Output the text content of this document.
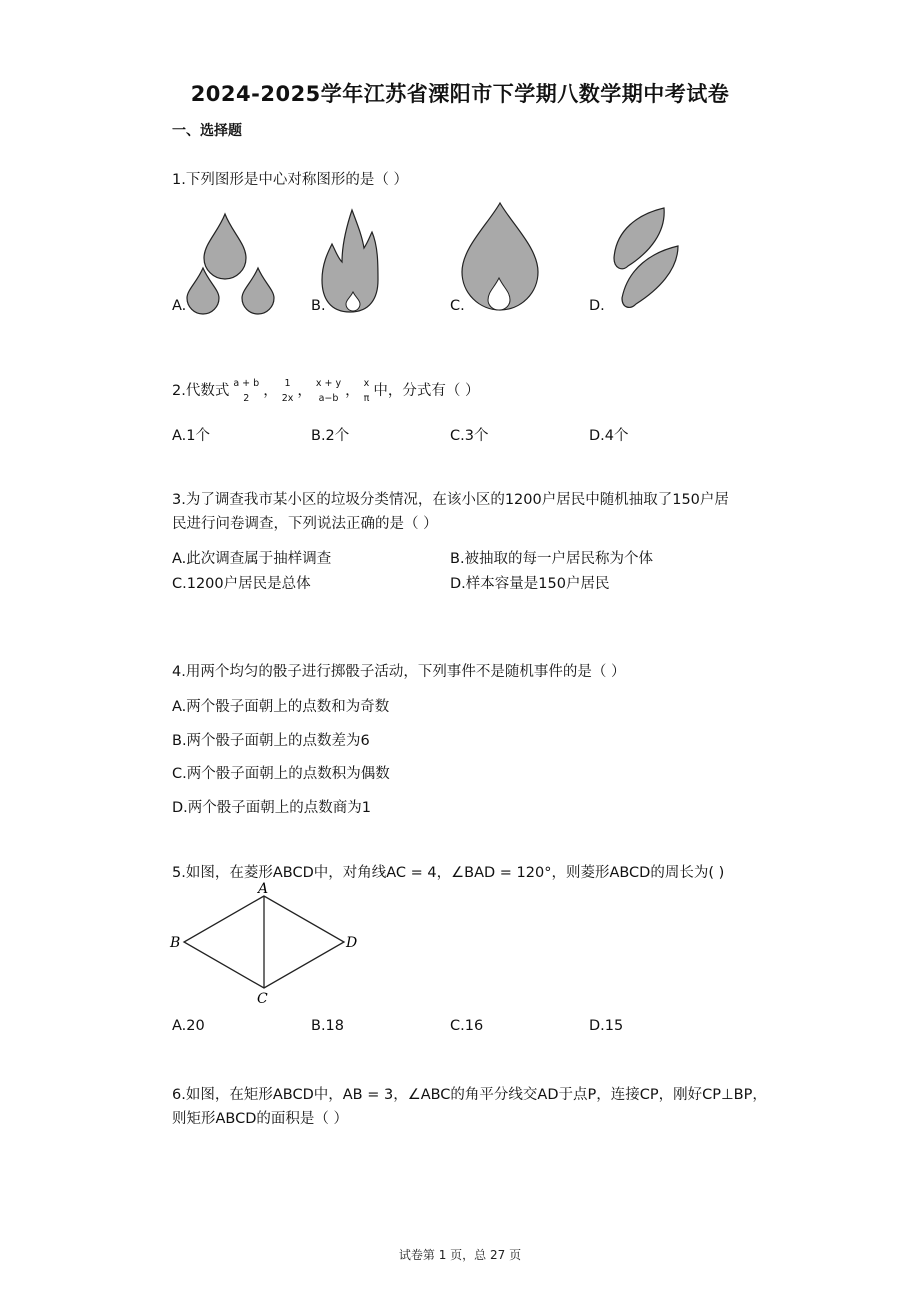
2024-2025学年江苏省溧阳市下学期八数学期中考试卷
一、选择题
1.下列图形是中心对称图形的是（ ）
A.	B.	C.	D.
2.代数式 a + b
2 ， 1
2x ， x + y
a−b ， x
π 中，分式有（ ）
A.1个	B.2个	C.3个	D.4个
3.为了调查我市某小区的垃圾分类情况，在该小区的1200户居民中随机抽取了150户居
民进行问卷调查，下列说法正确的是（ ）
A.此次调查属于抽样调查	B.被抽取的每一户居民称为个体
C.1200户居民是总体	D.样本容量是150户居民
4.用两个均匀的骰子进行掷骰子活动，下列事件不是随机事件的是（ ）
A.两个骰子面朝上的点数和为奇数
B.两个骰子面朝上的点数差为6
C.两个骰子面朝上的点数积为偶数
D.两个骰子面朝上的点数商为1
5.如图，在菱形ABCD中，对角线AC = 4，∠BAD = 120°，则菱形ABCD的周长为( )
A
B
C
D
A.20	B.18	C.16	D.15
6.如图，在矩形ABCD中，AB = 3，∠ABC的角平分线交AD于点P，连接CP，刚好CP⊥BP，
则矩形ABCD的面积是（ ）
试卷第 1 页，总 27 页
